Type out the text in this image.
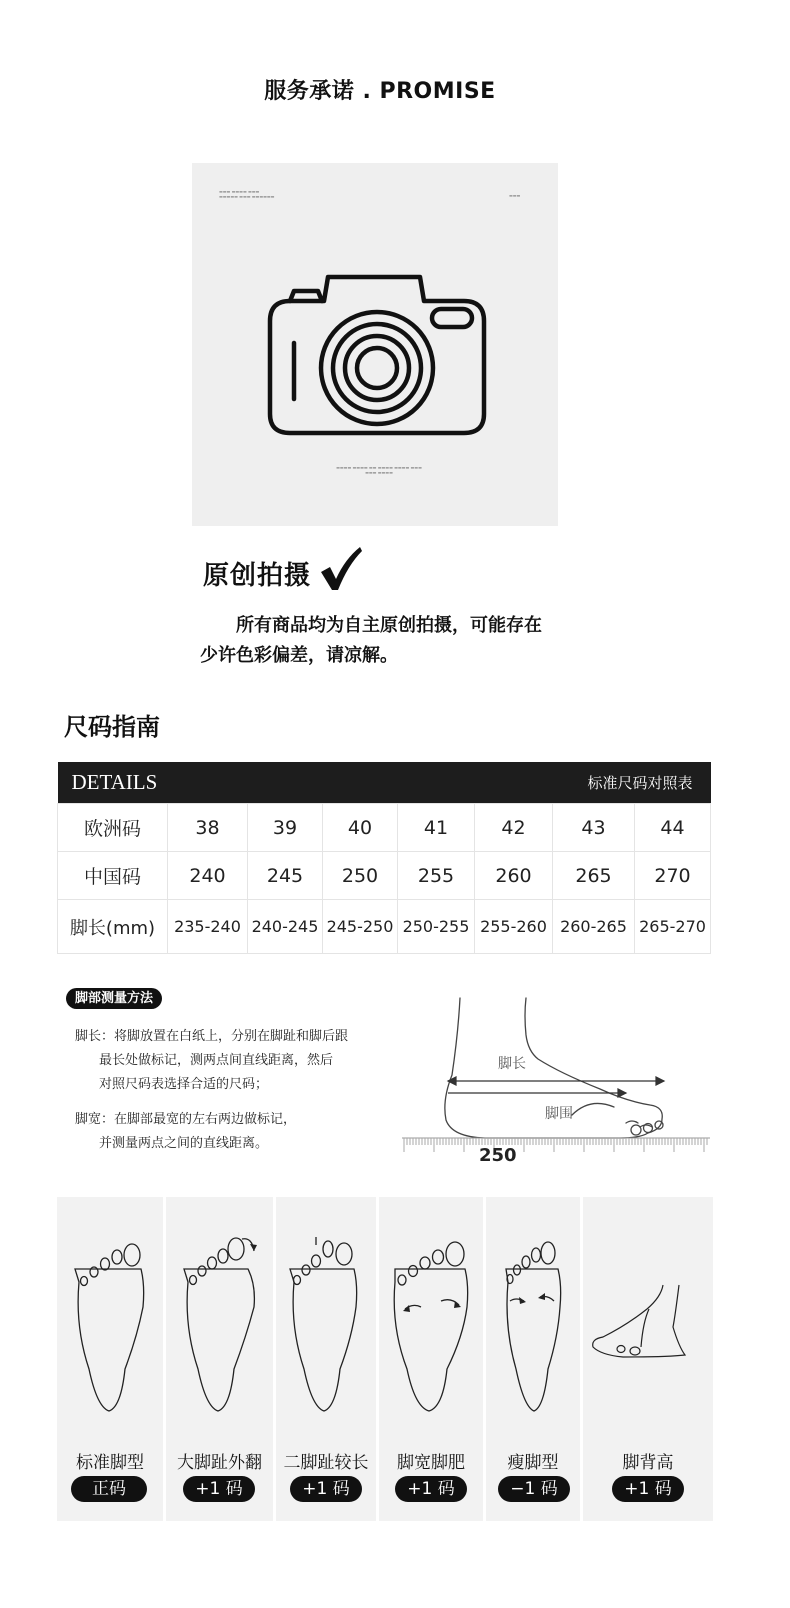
服务承诺 . PROMISE
▬▬▬ ▬▬▬▬ ▬▬▬
▬▬▬▬▬ ▬▬▬ ▬▬▬▬▬▬	▬▬▬
▬▬▬▬ ▬▬▬▬ ▬▬ ▬▬▬▬ ▬▬▬▬ ▬▬▬
▬▬▬ ▬▬▬▬
原创拍摄
所有商品均为自主原创拍摄，可能存在
少许色彩偏差，请凉解。
尺码指南
DETAILS				标准尺码对照表			
欧洲码	38	39	40	41	42	43	44
中国码	240	245	250	255	260	265	270
脚长(mm)	235-240	240-245	245-250	250-255	255-260	260-265	265-270
脚部测量方法
脚长：将脚放置在白纸上，分别在脚趾和脚后跟
最长处做标记，测两点间直线距离，然后
对照尺码表选择合适的尺码；
脚宽：在脚部最宽的左右两边做标记，
并测量两点之间的直线距离。
脚长
脚围
250
标准脚型
正码
大脚趾外翻
+1 码
二脚趾较长
+1 码
脚宽脚肥
+1 码
瘦脚型
−1 码
脚背高
+1 码
